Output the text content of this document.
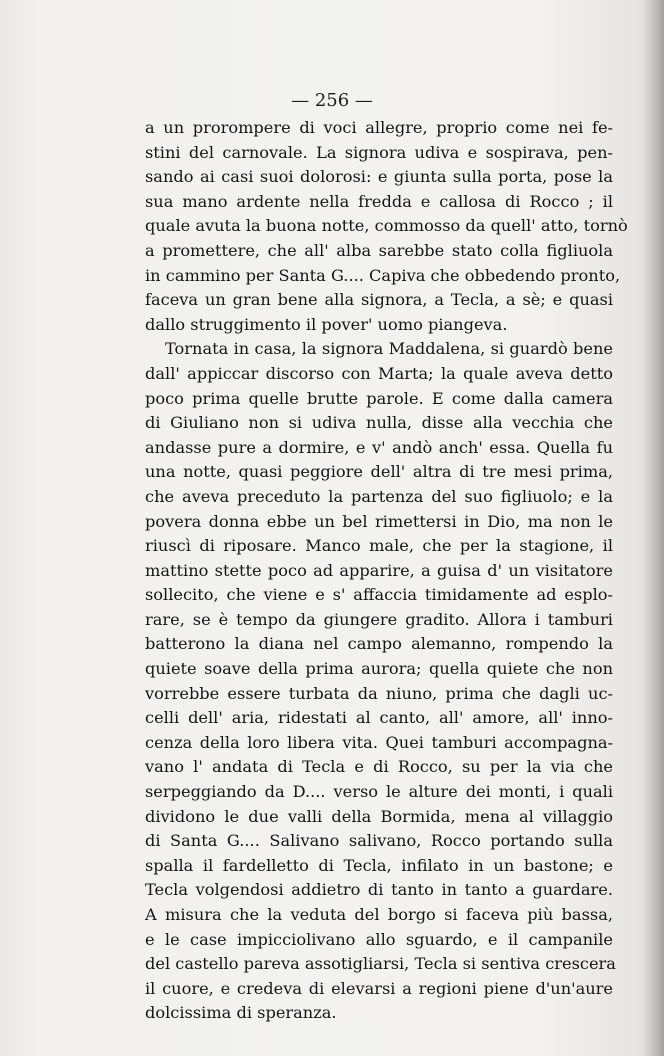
— 256 —
a un prorompere di voci allegre, proprio come nei fe-
stini del carnovale. La signora udiva e sospirava, pen-
sando ai casi suoi dolorosi: e giunta sulla porta, pose la
sua mano ardente nella fredda e callosa di Rocco ; il
quale avuta la buona notte, commosso da quell' atto, tornò
a promettere, che all' alba sarebbe stato colla figliuola
in cammino per Santa G.... Capiva che obbedendo pronto,
faceva un gran bene alla signora, a Tecla, a sè; e quasi
dallo struggimento il pover' uomo piangeva.
Tornata in casa, la signora Maddalena, si guardò bene
dall' appiccar discorso con Marta; la quale aveva detto
poco prima quelle brutte parole. E come dalla camera
di Giuliano non si udiva nulla, disse alla vecchia che
andasse pure a dormire, e v' andò anch' essa. Quella fu
una notte, quasi peggiore dell' altra di tre mesi prima,
che aveva preceduto la partenza del suo figliuolo; e la
povera donna ebbe un bel rimettersi in Dio, ma non le
riuscì di riposare. Manco male, che per la stagione, il
mattino stette poco ad apparire, a guisa d' un visitatore
sollecito, che viene e s' affaccia timidamente ad esplo-
rare, se è tempo da giungere gradito. Allora i tamburi
batterono la diana nel campo alemanno, rompendo la
quiete soave della prima aurora; quella quiete che non
vorrebbe essere turbata da niuno, prima che dagli uc-
celli dell' aria, ridestati al canto, all' amore, all' inno-
cenza della loro libera vita. Quei tamburi accompagna-
vano l' andata di Tecla e di Rocco, su per la via che
serpeggiando da D.... verso le alture dei monti, i quali
dividono le due valli della Bormida, mena al villaggio
di Santa G.... Salivano salivano, Rocco portando sulla
spalla il fardelletto di Tecla, infilato in un bastone; e
Tecla volgendosi addietro di tanto in tanto a guardare.
A misura che la veduta del borgo si faceva più bassa,
e le case impicciolivano allo sguardo, e il campanile
del castello pareva assotigliarsi, Tecla si sentiva crescera
il cuore, e credeva di elevarsi a regioni piene d'un'aure
dolcissima di speranza.
